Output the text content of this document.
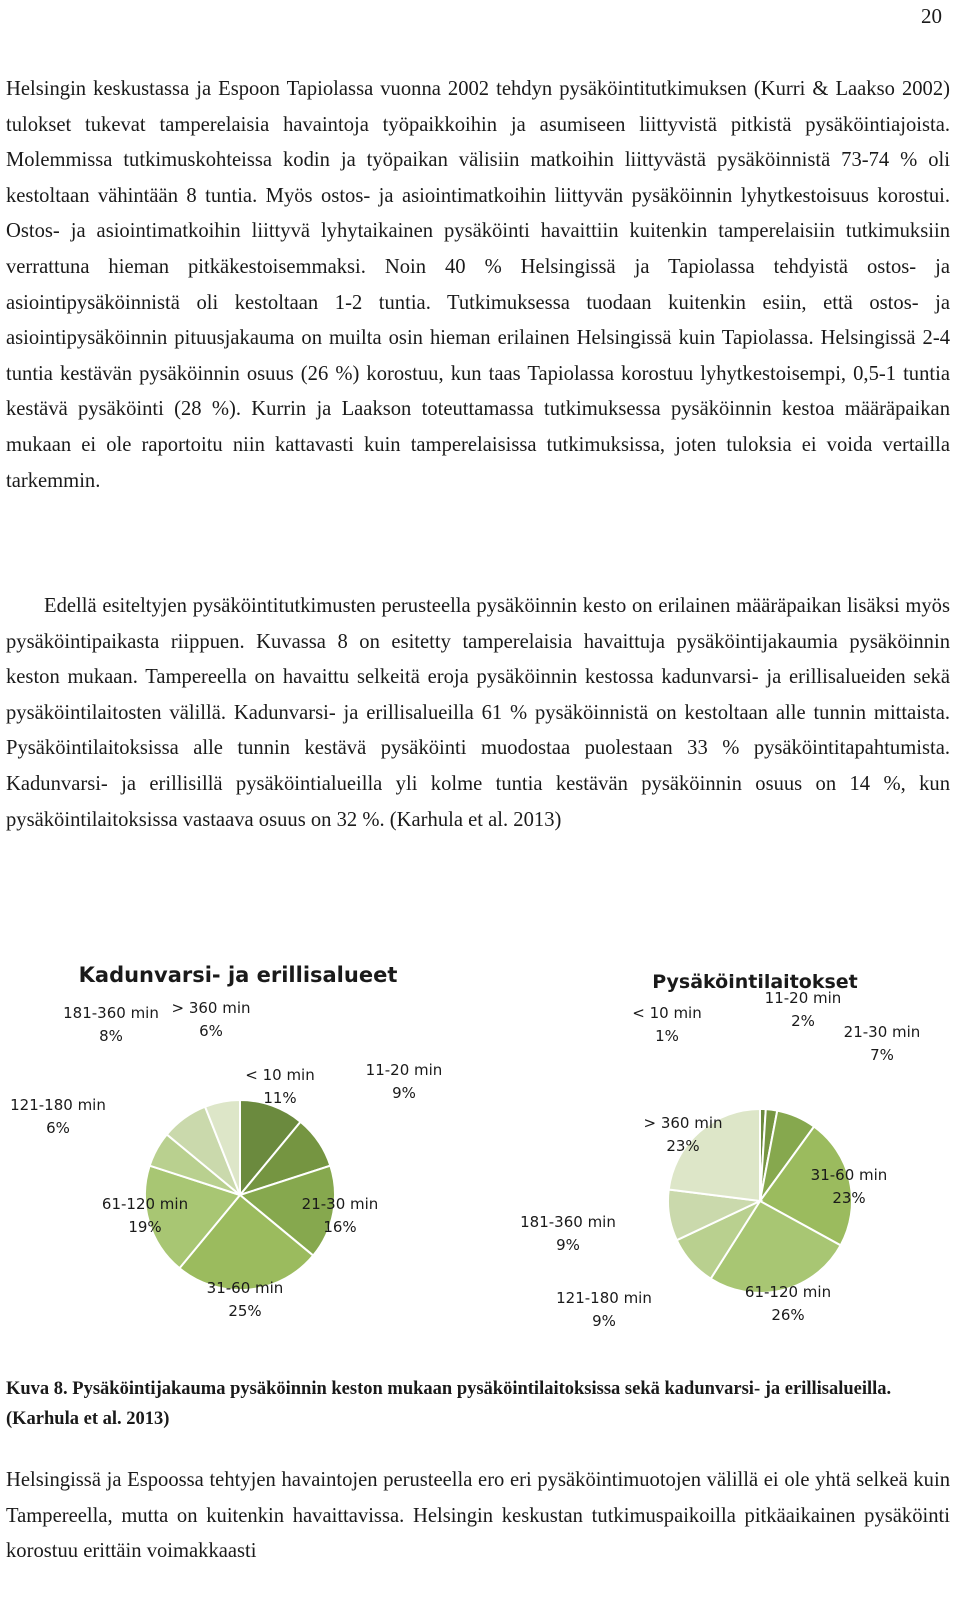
20

Helsingin keskustassa ja Espoon Tapiolassa vuonna 2002 tehdyn pysäköintitutkimuksen (Kurri & Laakso 2002) tulokset tukevat tamperelaisia havaintoja työpaikkoihin ja asumiseen liittyvistä pitkistä pysäköintiajoista. Molemmissa tutkimuskohteissa kodin ja työpaikan välisiin matkoihin liittyvästä pysäköinnistä 73-74 % oli kestoltaan vähintään 8 tuntia. Myös ostos- ja asiointimatkoihin liittyvän pysäköinnin lyhytkestoisuus korostui. Ostos- ja asiointimatkoihin liittyvä lyhytaikainen pysäköinti havaittiin kuitenkin tamperelaisiin tutkimuksiin verrattuna hieman pitkäkestoisemmaksi. Noin 40 % Helsingissä ja Tapiolassa tehdyistä ostos- ja asiointipysäköinnistä oli kestoltaan 1-2 tuntia. Tutkimuksessa tuodaan kuitenkin esiin, että ostos- ja asiointipysäköinnin pituusjakauma on muilta osin hieman erilainen Helsingissä kuin Tapiolassa. Helsingissä 2-4 tuntia kestävän pysäköinnin osuus (26 %) korostuu, kun taas Tapiolassa korostuu lyhytkestoisempi, 0,5-1 tuntia kestävä pysäköinti (28 %). Kurrin ja Laakson toteuttamassa tutkimuksessa pysäköinnin kestoa määräpaikan mukaan ei ole raportoitu niin kattavasti kuin tamperelaisissa tutkimuksissa, joten tuloksia ei voida vertailla tarkemmin.

Edellä esiteltyjen pysäköintitutkimusten perusteella pysäköinnin kesto on erilainen määräpaikan lisäksi myös pysäköintipaikasta riippuen. Kuvassa 8 on esitetty tamperelaisia havaittuja pysäköintijakaumia pysäköinnin keston mukaan. Tampereella on havaittu selkeitä eroja pysäköinnin kestossa kadunvarsi- ja erillisalueiden sekä pysäköintilaitosten välillä. Kadunvarsi- ja erillisalueilla 61 % pysäköinnistä on kestoltaan alle tunnin mittaista. Pysäköintilaitoksissa alle tunnin kestävä pysäköinti muodostaa puolestaan 33 % pysäköintitapahtumista. Kadunvarsi- ja erillisillä pysäköintialueilla yli kolme tuntia kestävän pysäköinnin osuus on 14 %, kun pysäköintilaitoksissa vastaava osuus on 32 %. (Karhula et al. 2013)

Kadunvarsi- ja erillisalueet	Pysäköintilaitokset
< 10 min 11%
11-20 min 9%
21-30 min 16%
31-60 min 25%
61-120 min 19%
121-180 min 6%
181-360 min 8%
> 360 min 6%
< 10 min 1%
11-20 min 2%
21-30 min 7%
31-60 min 23%
61-120 min 26%
121-180 min 9%
181-360 min 9%
> 360 min 23%
Kuva 8. Pysäköintijakauma pysäköinnin keston mukaan pysäköintilaitoksissa sekä kadunvarsi- ja erillisalueilla. (Karhula et al. 2013)

Helsingissä ja Espoossa tehtyjen havaintojen perusteella ero eri pysäköintimuotojen välillä ei ole yhtä selkeä kuin Tampereella, mutta on kuitenkin havaittavissa. Helsingin keskustan tutkimuspaikoilla pitkäaikainen pysäköinti korostuu erittäin voimakkaasti
